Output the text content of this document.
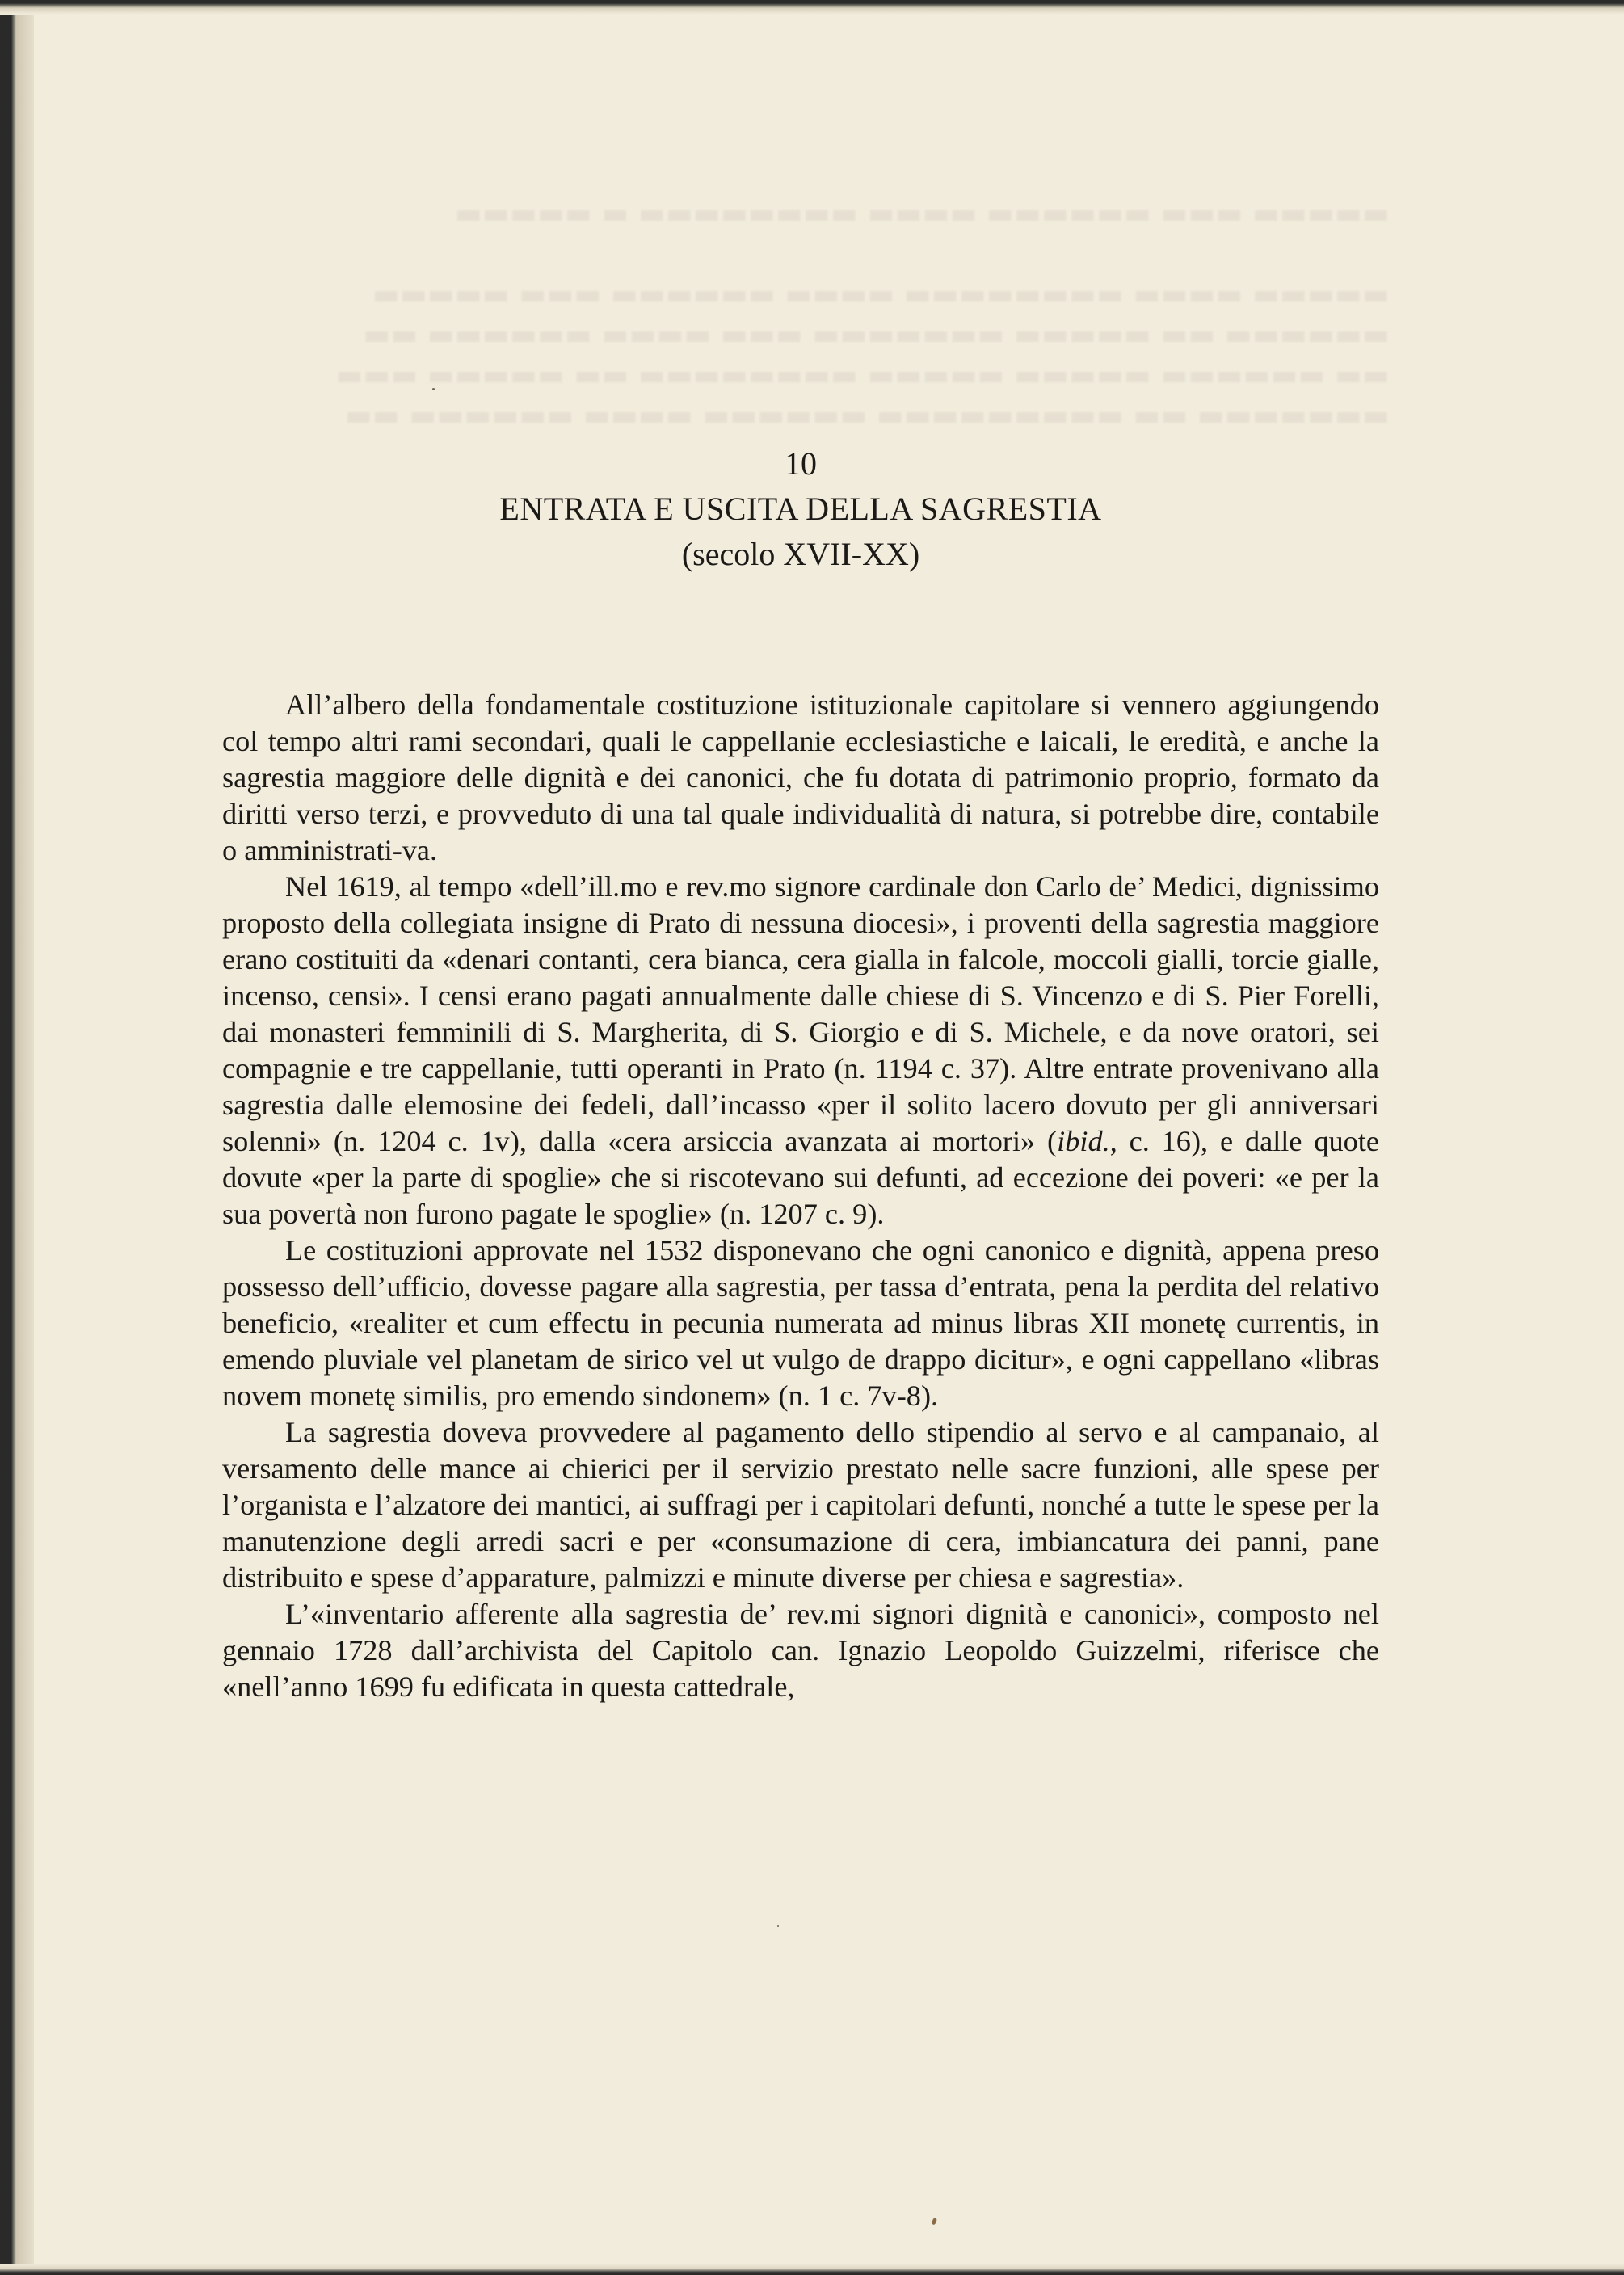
▬▬▬▬▬ ▬▬▬ ▬▬▬▬▬▬ ▬▬▬▬ ▬▬▬▬▬▬▬▬ ▬ ▬▬▬▬▬

▬▬▬▬▬ ▬▬▬▬ ▬▬▬▬▬▬▬▬ ▬▬▬▬ ▬▬▬▬▬▬ ▬▬▬ ▬▬▬▬▬
▬▬▬▬▬▬ ▬▬ ▬▬▬▬▬ ▬▬▬▬▬▬▬ ▬▬▬ ▬▬▬▬ ▬▬▬▬▬▬ ▬▬
▬▬ ▬▬▬▬▬▬ ▬▬▬▬▬ ▬▬▬▬▬ ▬▬▬▬▬▬▬▬ ▬▬ ▬▬▬▬▬ ▬▬▬
▬▬▬▬▬▬▬ ▬▬ ▬▬▬▬▬▬▬▬▬ ▬▬▬▬▬▬ ▬▬▬▬ ▬▬▬▬▬▬ ▬▬
10
ENTRATA E USCITA DELLA SAGRESTIA
(secolo XVII-XX)

All’albero della fondamentale costituzione istituzionale capitolare si vennero aggiungendo col tempo altri rami secondari, quali le cappellanie ecclesiastiche e laicali, le eredità, e anche la sagrestia maggiore delle dignità e dei canonici, che fu dotata di patrimonio proprio, formato da diritti verso terzi, e provveduto di una tal quale individualità di natura, si potrebbe dire, contabile o amministrati-va.

Nel 1619, al tempo «dell’ill.mo e rev.mo signore cardinale don Carlo de’ Medici, dignissimo proposto della collegiata insigne di Prato di nessuna diocesi», i proventi della sagrestia maggiore erano costituiti da «denari contanti, cera bianca, cera gialla in falcole, moccoli gialli, torcie gialle, incenso, censi». I censi erano pagati annualmente dalle chiese di S. Vincenzo e di S. Pier Forelli, dai monasteri femminili di S. Margherita, di S. Giorgio e di S. Michele, e da nove oratori, sei compagnie e tre cappellanie, tutti operanti in Prato (n. 1194 c. 37). Altre entrate provenivano alla sagrestia dalle elemosine dei fedeli, dall’incasso «per il solito lacero dovuto per gli anniversari solenni» (n. 1204 c. 1v), dalla «cera arsiccia avanzata ai mortori» (ibid., c. 16), e dalle quote dovute «per la parte di spoglie» che si riscotevano sui defunti, ad eccezione dei poveri: «e per la sua povertà non furono pagate le spoglie» (n. 1207 c. 9).

Le costituzioni approvate nel 1532 disponevano che ogni canonico e dignità, appena preso possesso dell’ufficio, dovesse pagare alla sagrestia, per tassa d’entrata, pena la perdita del relativo beneficio, «realiter et cum effectu in pecunia numerata ad minus libras XII monetę currentis, in emendo pluviale vel planetam de sirico vel ut vulgo de drappo dicitur», e ogni cappellano «libras novem monetę similis, pro emendo sindonem» (n. 1 c. 7v-8).

La sagrestia doveva provvedere al pagamento dello stipendio al servo e al campanaio, al versamento delle mance ai chierici per il servizio prestato nelle sacre funzioni, alle spese per l’organista e l’alzatore dei mantici, ai suffragi per i capitolari defunti, nonché a tutte le spese per la manutenzione degli arredi sacri e per «consumazione di cera, imbiancatura dei panni, pane distribuito e spese d’apparature, palmizzi e minute diverse per chiesa e sagrestia».

L’«inventario afferente alla sagrestia de’ rev.mi signori dignità e canonici», composto nel gennaio 1728 dall’archivista del Capitolo can. Ignazio Leopoldo Guizzelmi, riferisce che «nell’anno 1699 fu edificata in questa cattedrale,
